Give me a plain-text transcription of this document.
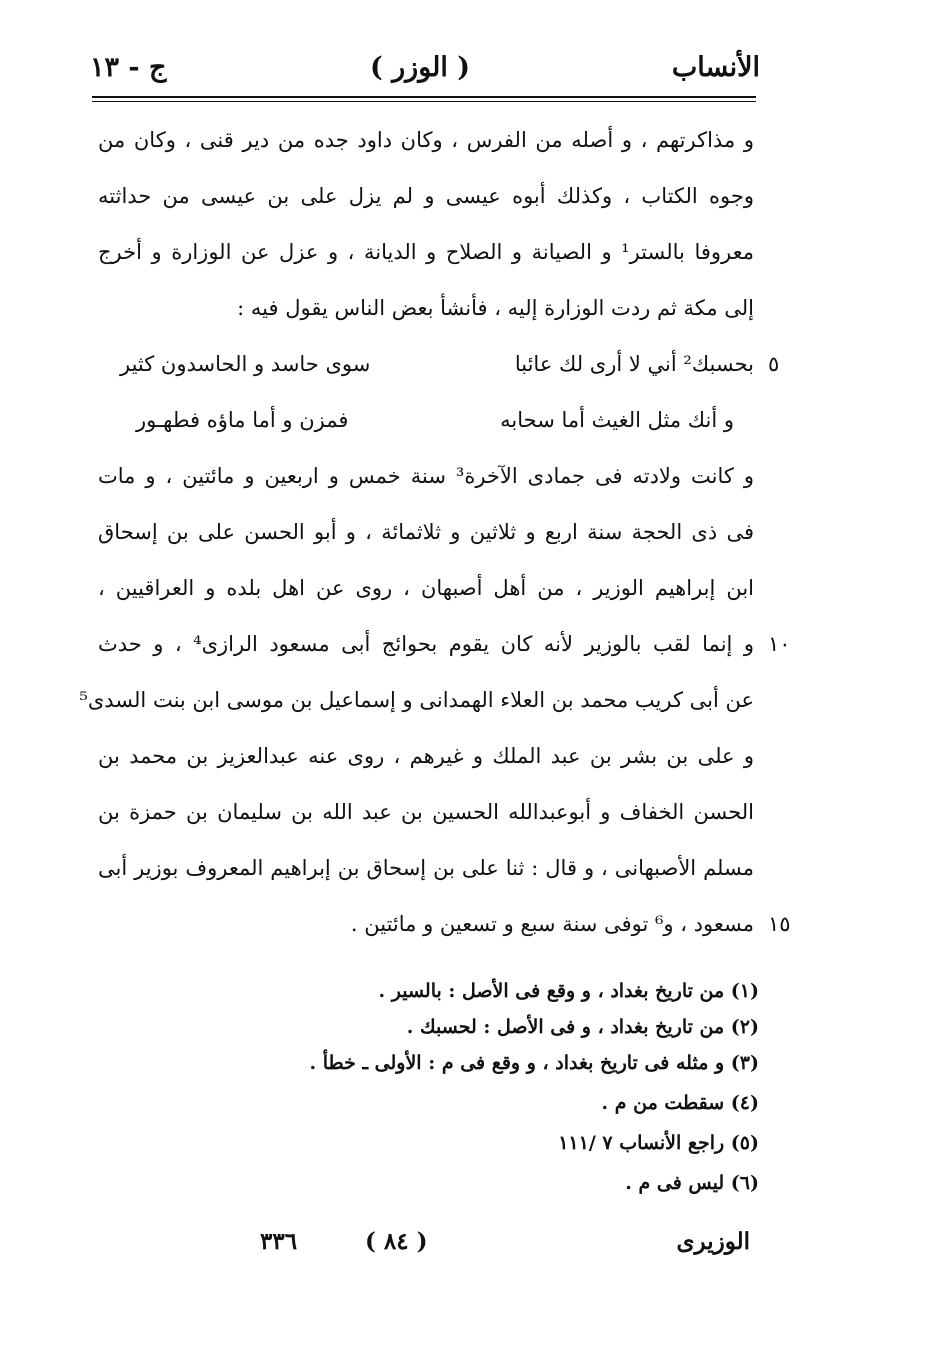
الأنساب
( الوزر )
ج - ١٣
و مذاكرتهم ، و أصله من الفرس ، وكان داود جده من دير قنى ، وكان من
وجوه الكتاب ، وكذلك أبوه عيسى و لم يزل على بن عيسى من حداثته
معروفا بالستر¹ و الصيانة و الصلاح و الديانة ، و عزل عن الوزارة و أخرج
إلى مكة ثم ردت الوزارة إليه ، فأنشأ بعض الناس يقول فيه :
٥
بحسبك² أني لا أرى لك عائبا
سوى حاسد و الحاسدون كثير
و أنك مثل الغيث أما سحابه
فمزن و أما ماؤه فطهـور
و كانت ولادته فى جمادى الآخرة³ سنة خمس و اربعين و مائتين ، و مات
فى ذى الحجة سنة اربع و ثلاثين و ثلاثمائة ، و أبو الحسن على بن إسحاق
ابن إبراهيم الوزير ، من أهل أصبهان ، روى عن اهل بلده و العراقيين ،
١٠
و إنما لقب بالوزير لأنه كان يقوم بحوائج أبى مسعود الرازى⁴ ، و حدث
عن أبى كريب محمد بن العلاء الهمدانى و إسماعيل بن موسى ابن بنت السدى⁵
و على بن بشر بن عبد الملك و غيرهم ، روى عنه عبدالعزيز بن محمد بن
الحسن الخفاف و أبوعبدالله الحسين بن عبد الله بن سليمان بن حمزة بن
مسلم الأصبهانى ، و قال : ثنا على بن إسحاق بن إبراهيم المعروف بوزير أبى
١٥
مسعود ، و⁶ توفى سنة سبع و تسعين و مائتين .
(١) من تاريخ بغداد ، و وقع فى الأصل : بالسير .
(٢) من تاريخ بغداد ، و فى الأصل : لحسبك .
(٣) و مثله فى تاريخ بغداد ، و وقع فى م : الأولى ـ خطأ .
(٤) سقطت من م .
(٥) راجع الأنساب ٧ /١١١
(٦) ليس فى م .
الوزيرى
( ٨٤ )
٣٣٦
